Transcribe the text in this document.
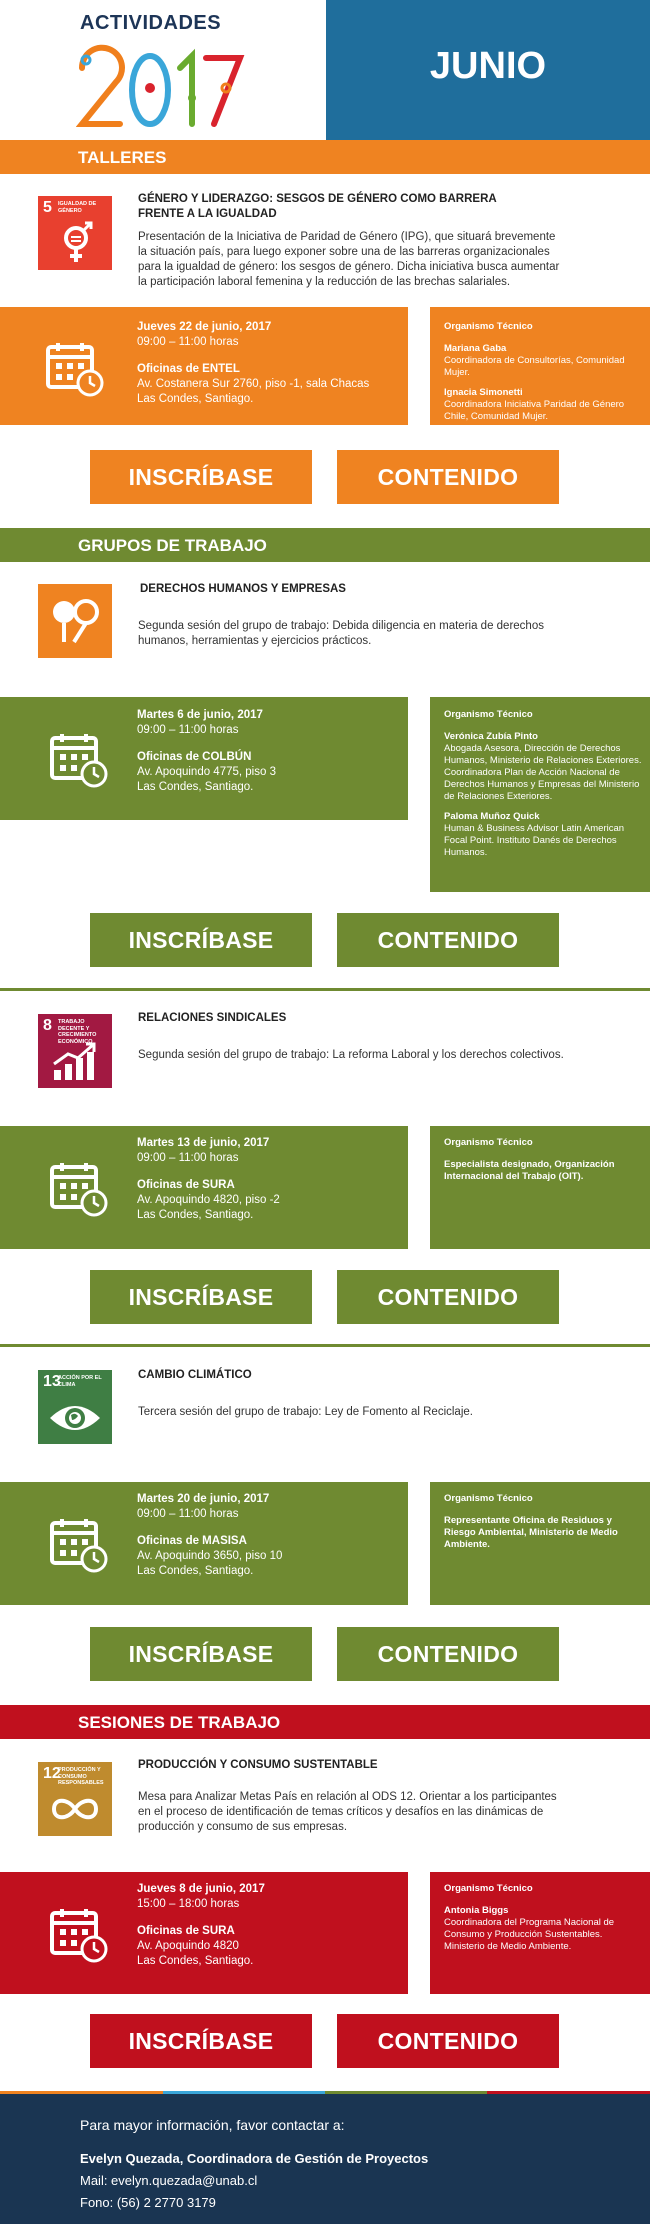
ACTIVIDADES
JUNIO
TALLERES
5 IGUALDAD DE GÉNERO
GÉNERO Y LIDERAZGO: SESGOS DE GÉNERO COMO BARRERA
FRENTE A LA IGUALDAD
Presentación de la Iniciativa de Paridad de Género (IPG), que situará brevemente
la situación país, para luego exponer sobre una de las barreras organizacionales
para la igualdad de género: los sesgos de género. Dicha iniciativa busca aumentar
la participación laboral femenina y la reducción de las brechas salariales.
Jueves 22 de junio, 2017
09:00 – 11:00 horas
Oficinas de ENTEL
Av. Costanera Sur 2760, piso -1, sala Chacas
Las Condes, Santiago.
Organismo Técnico
Mariana Gaba
Coordinadora de Consultorías, Comunidad Mujer.
Ignacia Simonetti
Coordinadora Iniciativa Paridad de Género Chile, Comunidad Mujer.
INSCRÍBASE	CONTENIDO
GRUPOS DE TRABAJO
DERECHOS HUMANOS Y EMPRESAS
Segunda sesión del grupo de trabajo: Debida diligencia en materia de derechos
humanos, herramientas y ejercicios prácticos.
Martes 6 de junio, 2017
09:00 – 11:00 horas
Oficinas de COLBÚN
Av. Apoquindo 4775, piso 3
Las Condes, Santiago.
Organismo Técnico
Verónica Zubía Pinto
Abogada Asesora, Dirección de Derechos Humanos, Ministerio de Relaciones Exteriores. Coordinadora Plan de Acción Nacional de Derechos Humanos y Empresas del Ministerio de Relaciones Exteriores.
Paloma Muñoz Quick
Human & Business Advisor Latin American Focal Point. Instituto Danés de Derechos Humanos.
INSCRÍBASE	CONTENIDO
8 TRABAJO DECENTE Y CRECIMIENTO ECONÓMICO
RELACIONES SINDICALES
Segunda sesión del grupo de trabajo: La reforma Laboral y los derechos colectivos.
Martes 13 de junio, 2017
09:00 – 11:00 horas
Oficinas de SURA
Av. Apoquindo 4820, piso -2
Las Condes, Santiago.
Organismo Técnico
Especialista designado, Organización Internacional del Trabajo (OIT).
INSCRÍBASE	CONTENIDO
13
ACCIÓN POR EL CLIMA
CAMBIO CLIMÁTICO
Tercera sesión del grupo de trabajo: Ley de Fomento al Reciclaje.
Martes 20 de junio, 2017
09:00 – 11:00 horas
Oficinas de MASISA
Av. Apoquindo 3650, piso 10
Las Condes, Santiago.
Organismo Técnico
Representante Oficina de Residuos y Riesgo Ambiental, Ministerio de Medio Ambiente.
INSCRÍBASE	CONTENIDO
SESIONES DE TRABAJO
12
PRODUCCIÓN Y CONSUMO RESPONSABLES
PRODUCCIÓN Y CONSUMO SUSTENTABLE
Mesa para Analizar Metas País en relación al ODS 12. Orientar a los participantes
en el proceso de identificación de temas críticos y desafíos en las dinámicas de
producción y consumo de sus empresas.
Jueves 8 de junio, 2017
15:00 – 18:00 horas
Oficinas de SURA
Av. Apoquindo 4820
Las Condes, Santiago.
Organismo Técnico
Antonia Biggs
Coordinadora del Programa Nacional de Consumo y Producción Sustentables. Ministerio de Medio Ambiente.
INSCRÍBASE	CONTENIDO
Para mayor información, favor contactar a:
Evelyn Quezada, Coordinadora de Gestión de Proyectos
Mail: evelyn.quezada@unab.cl
Fono: (56) 2 2770 3179
